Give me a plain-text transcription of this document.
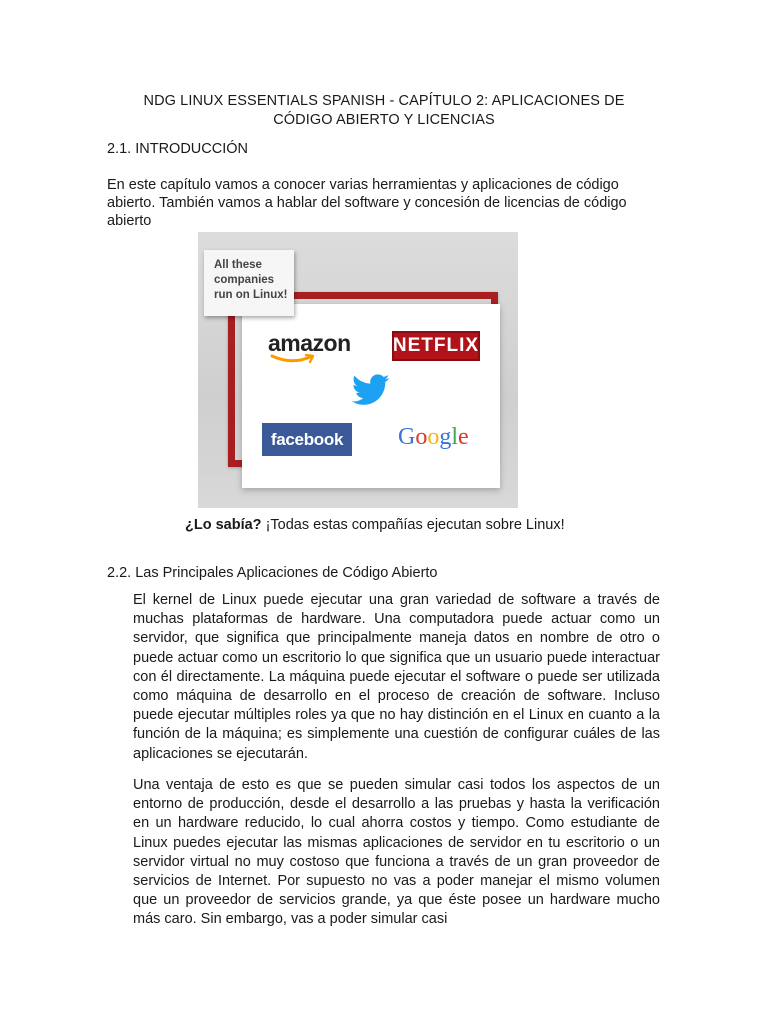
NDG LINUX ESSENTIALS SPANISH - CAPÍTULO 2: APLICACIONES DE
CÓDIGO ABIERTO Y LICENCIAS
2.1. INTRODUCCIÓN
En este capítulo vamos a conocer varias herramientas y aplicaciones de código abierto. También vamos a hablar del software y concesión de licencias de código abierto
All these
companies
run on Linux!
amazon NETFLIX
facebook	Google
¿Lo sabía? ¡Todas estas compañías ejecutan sobre Linux!
2.2. Las Principales Aplicaciones de Código Abierto
El kernel de Linux puede ejecutar una gran variedad de software a través de muchas plataformas de hardware. Una computadora puede actuar como un servidor, que significa que principalmente maneja datos en nombre de otro o puede actuar como un escritorio lo que significa que un usuario puede interactuar con él directamente. La máquina puede ejecutar el software o puede ser utilizada como máquina de desarrollo en el proceso de creación de software. Incluso puede ejecutar múltiples roles ya que no hay distinción en el Linux en cuanto a la función de la máquina; es simplemente una cuestión de configurar cuáles de las aplicaciones se ejecutarán.
Una ventaja de esto es que se pueden simular casi todos los aspectos de un entorno de producción, desde el desarrollo a las pruebas y hasta la verificación en un hardware reducido, lo cual ahorra costos y tiempo. Como estudiante de Linux puedes ejecutar las mismas aplicaciones de servidor en tu escritorio o un servidor virtual no muy costoso que funciona a través de un gran proveedor de servicios de Internet. Por supuesto no vas a poder manejar el mismo volumen que un proveedor de servicios grande, ya que éste posee un hardware mucho más caro. Sin embargo, vas a poder simular casi
